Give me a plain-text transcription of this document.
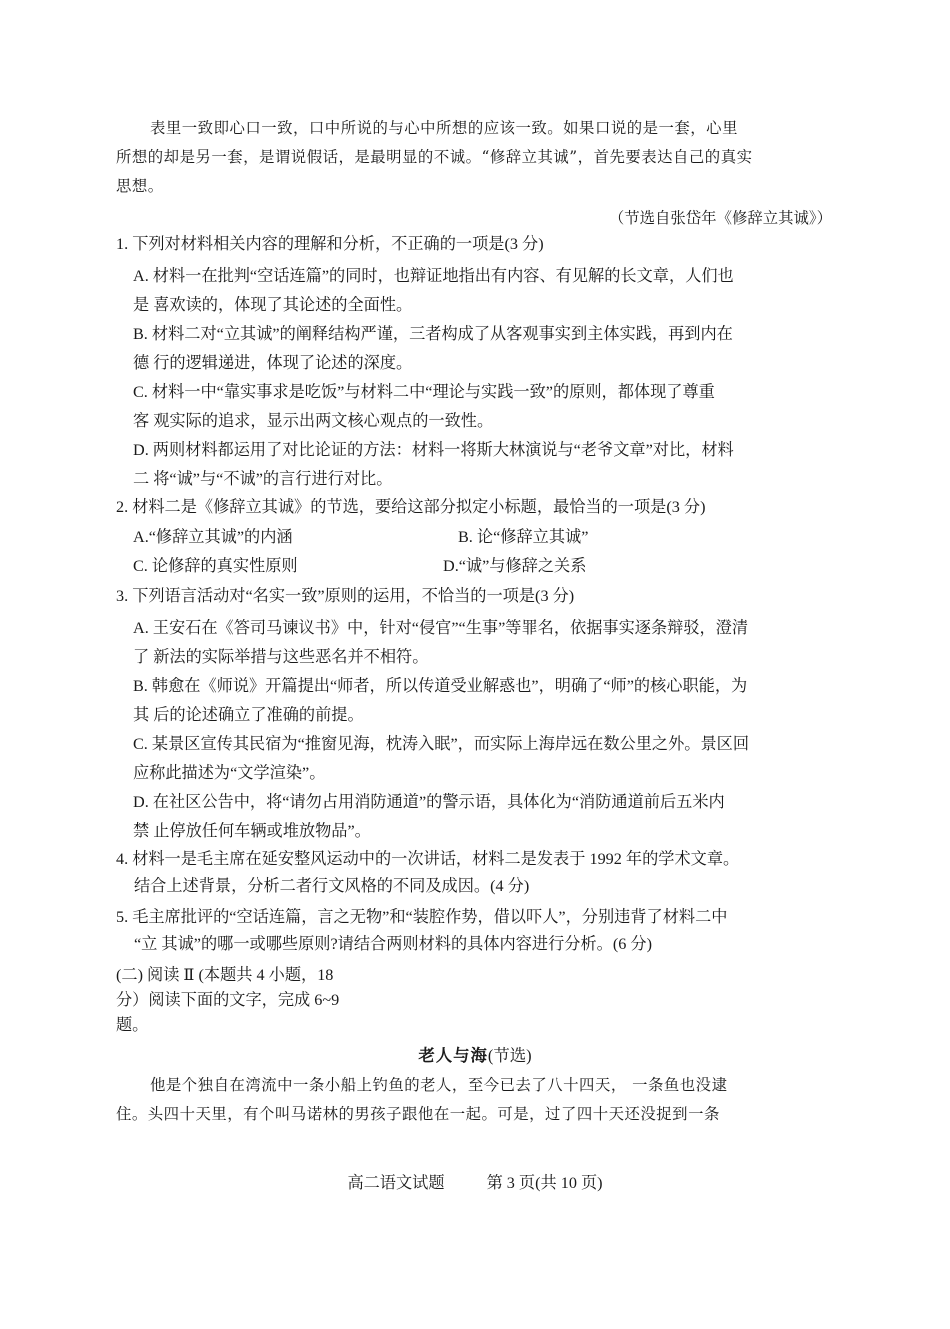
表里一致即心口一致，口中所说的与心中所想的应该一致。如果口说的是一套，心里
所想的却是另一套，是谓说假话，是最明显的不诚。“修辞立其诚”，首先要表达自己的真实
思想。
（节选自张岱年《修辞立其诚》）
1. 下列对材料相关内容的理解和分析，不正确的一项是(3 分)
A. 材料一在批判“空话连篇”的同时，也辩证地指出有内容、有见解的长文章，人们也
是 喜欢读的，体现了其论述的全面性。
B. 材料二对“立其诚”的阐释结构严谨，三者构成了从客观事实到主体实践，再到内在
德 行的逻辑递进，体现了论述的深度。
C. 材料一中“靠实事求是吃饭”与材料二中“理论与实践一致”的原则，都体现了尊重
客 观实际的追求，显示出两文核心观点的一致性。
D. 两则材料都运用了对比论证的方法：材料一将斯大林演说与“老爷文章”对比，材料
二 将“诚”与“不诚”的言行进行对比。
2. 材料二是《修辞立其诚》的节选，要给这部分拟定小标题，最恰当的一项是(3 分)
A.“修辞立其诚”的内涵	B. 论“修辞立其诚”
C. 论修辞的真实性原则	D.“诚”与修辞之关系
3. 下列语言活动对“名实一致”原则的运用，不恰当的一项是(3 分)
A. 王安石在《答司马谏议书》中，针对“侵官”“生事”等罪名，依据事实逐条辩驳，澄清
了 新法的实际举措与这些恶名并不相符。
B. 韩愈在《师说》开篇提出“师者，所以传道受业解惑也”，明确了“师”的核心职能，为
其 后的论述确立了准确的前提。
C. 某景区宣传其民宿为“推窗见海，枕涛入眠”，而实际上海岸远在数公里之外。景区回
应称此描述为“文学渲染”。
D. 在社区公告中，将“请勿占用消防通道”的警示语，具体化为“消防通道前后五米内
禁 止停放任何车辆或堆放物品”。
4. 材料一是毛主席在延安整风运动中的一次讲话，材料二是发表于 1992 年的学术文章。
结合上述背景，分析二者行文风格的不同及成因。(4 分)
5. 毛主席批评的“空话连篇，言之无物”和“装腔作势，借以吓人”，分别违背了材料二中
“立 其诚”的哪一或哪些原则?请结合两则材料的具体内容进行分析。(6 分)
(二) 阅读 Ⅱ (本题共 4 小题，18
分）阅读下面的文字，完成 6~9
题。
老人与海(节选)
他是个独自在湾流中一条小船上钓鱼的老人，至今已去了八十四天， 一条鱼也没逮
住。头四十天里，有个叫马诺林的男孩子跟他在一起。可是，过了四十天还没捉到一条
高二语文试题	第 3 页(共 10 页)
